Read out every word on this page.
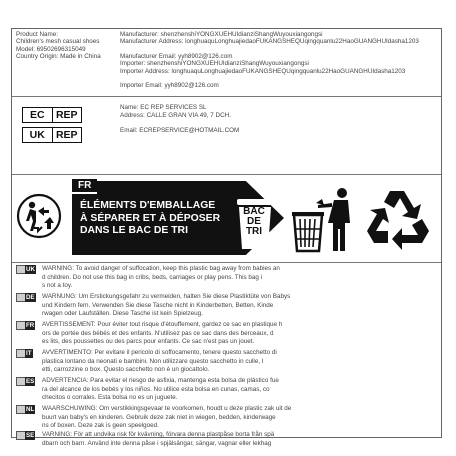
Product Name:
Children's mesh casual shoes
Model: 69502696315049
Country Origin: Made in China
Manufacturer: shenzhenshiYONGXUEHUIdianziShangWuyouxiangongsi
Manufacturer Address: longhuaquLonghuajiedaoFUKANGSHEQUqingquanlu22HaoGUANGHUIdasha1203
Manufacturer Email: yyh8902@126.com
Importer: shenzhenshiYONGXUEHUIdianziShangWuyouxiangongsi
Importer Address: longhuaquLonghuajiedaoFUKANGSHEQUqingquanlu22HaoGUANGHUIdasha1203
Importer Email: yyh8902@126.com
EC	REP
UK	REP
Name: EC REP SERVICES SL
Address: CALLE GRAN VIA 49, 7 DCH.
Email: ECREPSERVICE@HOTMAIL.COM
FR
ÉLÉMENTS D'EMBALLAGE
À SÉPARER ET À DÉPOSER
DANS LE BAC DE TRI
BAC
DE
TRI
UK WARNING: To avoid danger of suffocation, keep this plastic bag away from babies an
d children. Do not use this bag in cribs, beds, carriages or play pens. This bag i
s not a toy.
DE WARNUNG: Um Erstickungsgefahr zu vermeiden, halten Sie diese Plastiktüte von Babys
und Kindern fern. Verwenden Sie diese Tasche nicht in Kinderbetten, Betten, Kinde
rwagen oder Laufställen. Diese Tasche ist kein Spielzeug.
FR AVERTISSEMENT: Pour éviter tout risque d'étouffement, gardez ce sac en plastique h
ors de portée des bébés et des enfants. N'utilisez pas ce sac dans des berceaux, d
es lits, des poussettes ou des parcs pour enfants. Ce sac n'est pas un jouet.
IT AVVERTIMENTO: Per evitare il pericolo di soffocamento, tenere questo sacchetto di
plastica lontano da neonati e bambini. Non utilizzare questo sacchetto in culle, l
etti, carrozzine o box. Questo sacchetto non è un giocattolo.
ES ADVERTENCIA: Para evitar el riesgo de asfixia, mantenga esta bolsa de plástico fue
ra del alcance de los bebés y los niños. No utilice esta bolsa en cunas, camas, co
checitos o corrales. Esta bolsa no es un juguete.
NL WAARSCHUWING: Om verstikkingsgevaar te voorkomen, houdt u deze plastic zak uit de
buurt van baby's en kinderen. Gebruik deze zak niet in wiegen, bedden, kinderwage
ns of boxen. Deze zak is geen speelgoed.
SE VARNING: För att undvika risk för kvävning, förvara denna plastpåse borta från spä
dbarn och barn. Använd inte denna påse i spjälsängar, sängar, vagnar eller lekhag
